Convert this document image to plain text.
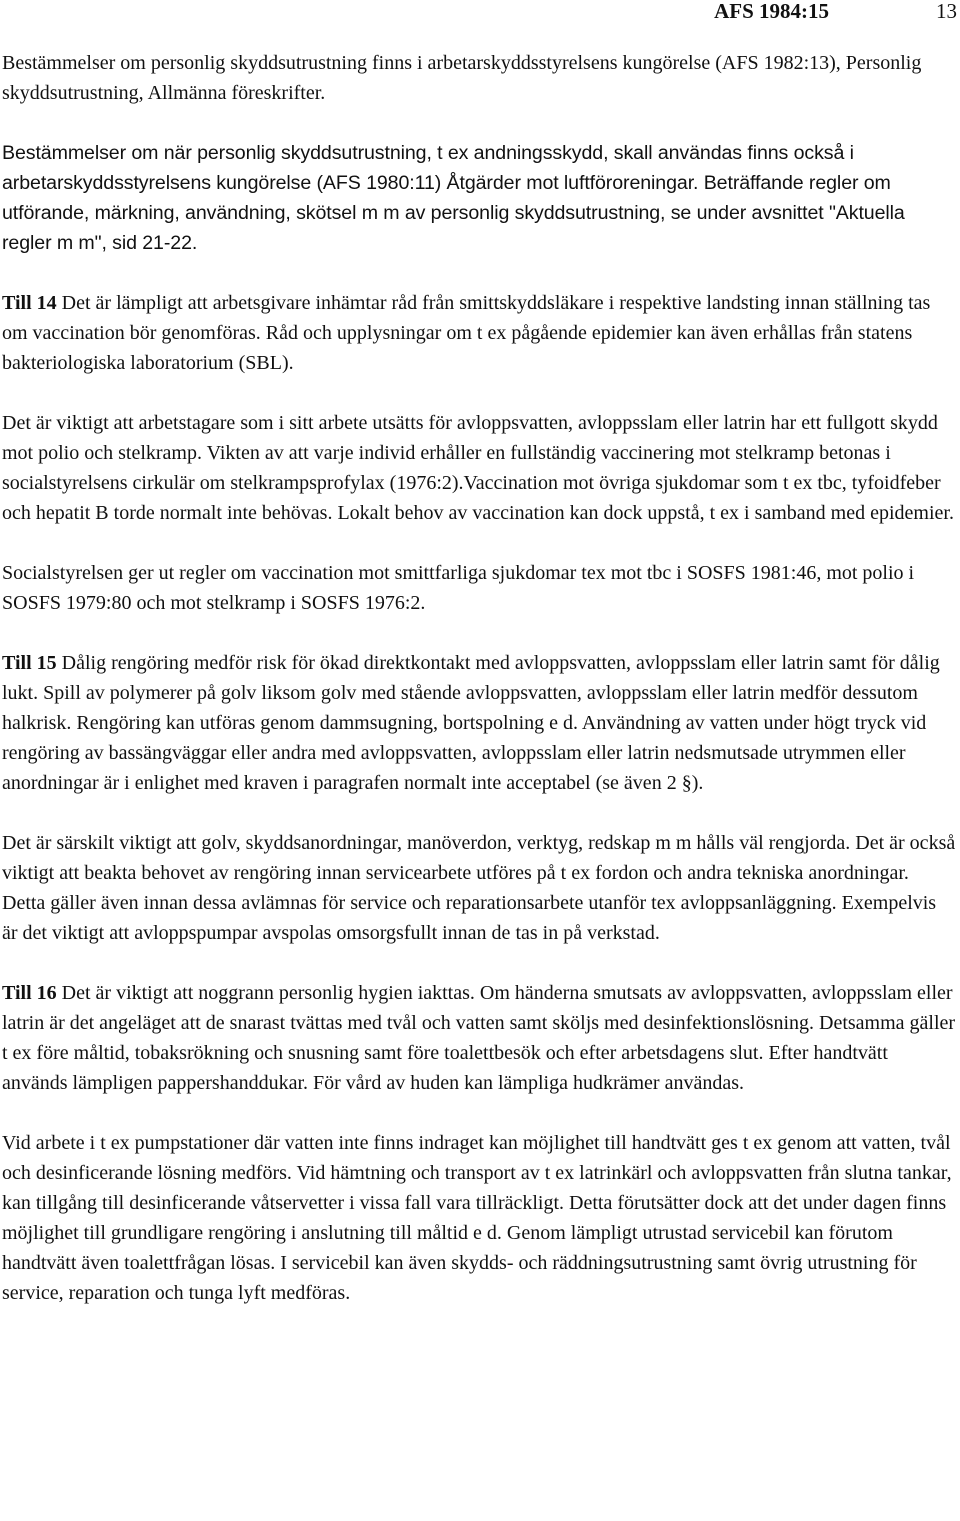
AFS 1984:15	13

Bestämmelser om personlig skyddsutrustning finns i arbetarskyddsstyrelsens kungörelse (AFS 1982:13), Personlig skyddsutrustning, Allmänna föreskrifter.

Bestämmelser om när personlig skyddsutrustning, t ex andningsskydd, skall användas finns också i arbetarskyddsstyrelsens kungörelse (AFS 1980:11) Åtgärder mot luftföroreningar. Beträffande regler om utförande, märkning, användning, skötsel m m av personlig skyddsutrustning, se under avsnittet "Aktuella regler m m", sid 21-22.

Till 14 Det är lämpligt att arbetsgivare inhämtar råd från smittskyddsläkare i respektive landsting innan ställning tas om vaccination bör genomföras. Råd och upplysningar om t ex pågående epidemier kan även erhållas från statens bakteriologiska laboratorium (SBL).

Det är viktigt att arbetstagare som i sitt arbete utsätts för avloppsvatten, avloppsslam eller latrin har ett fullgott skydd mot polio och stelkramp. Vikten av att varje individ erhåller en fullständig vaccinering mot stelkramp betonas i socialstyrelsens cirkulär om stelkrampsprofylax (1976:2).Vaccination mot övriga sjukdomar som t ex tbc, tyfoidfeber och hepatit B torde normalt inte behövas. Lokalt behov av vaccination kan dock uppstå, t ex i samband med epidemier.

Socialstyrelsen ger ut regler om vaccination mot smittfarliga sjukdomar tex mot tbc i SOSFS 1981:46, mot polio i SOSFS 1979:80 och mot stelkramp i SOSFS 1976:2.

Till 15 Dålig rengöring medför risk för ökad direktkontakt med avloppsvatten, avloppsslam eller latrin samt för dålig lukt. Spill av polymerer på golv liksom golv med stående avloppsvatten, avloppsslam eller latrin medför dessutom halkrisk. Rengöring kan utföras genom dammsugning, bortspolning e d. Användning av vatten under högt tryck vid rengöring av bassängväggar eller andra med avloppsvatten, avloppsslam eller latrin nedsmutsade utrymmen eller anordningar är i enlighet med kraven i paragrafen normalt inte acceptabel (se även 2 §).

Det är särskilt viktigt att golv, skyddsanordningar, manöverdon, verktyg, redskap m m hålls väl rengjorda. Det är också viktigt att beakta behovet av rengöring innan servicearbete utföres på t ex fordon och andra tekniska anordningar. Detta gäller även innan dessa avlämnas för service och reparationsarbete utanför tex avloppsanläggning. Exempelvis är det viktigt att avloppspumpar avspolas omsorgsfullt innan de tas in på verkstad.

Till 16 Det är viktigt att noggrann personlig hygien iakttas. Om händerna smutsats av avloppsvatten, avloppsslam eller latrin är det angeläget att de snarast tvättas med tvål och vatten samt sköljs med desinfektionslösning. Detsamma gäller t ex före måltid, tobaksrökning och snusning samt före toalettbesök och efter arbetsdagens slut. Efter handtvätt används lämpligen pappershanddukar. För vård av huden kan lämpliga hudkrämer användas.

Vid arbete i t ex pumpstationer där vatten inte finns indraget kan möjlighet till handtvätt ges t ex genom att vatten, tvål och desinficerande lösning medförs. Vid hämtning och transport av t ex latrinkärl och avloppsvatten från slutna tankar, kan tillgång till desinficerande våtservetter i vissa fall vara tillräckligt. Detta förutsätter dock att det under dagen finns möjlighet till grundligare rengöring i anslutning till måltid e d. Genom lämpligt utrustad servicebil kan förutom handtvätt även toalettfrågan lösas. I servicebil kan även skydds- och räddningsutrustning samt övrig utrustning för service, reparation och tunga lyft medföras.
